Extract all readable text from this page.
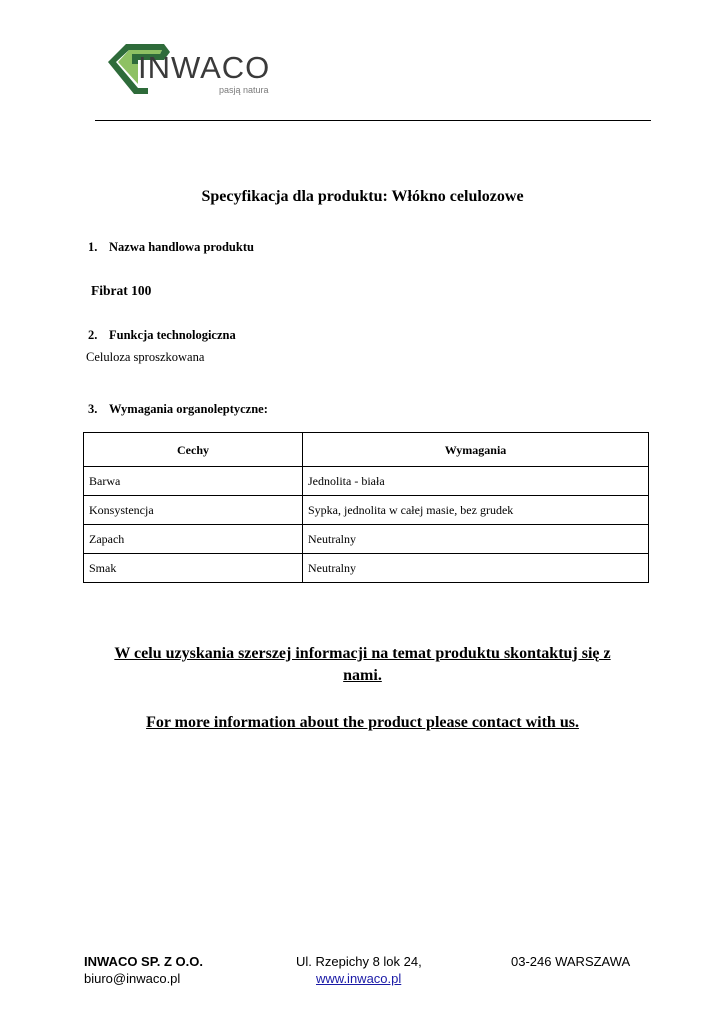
INWACO
pasją natura
Specyfikacja dla produktu: Włókno celulozowe
1. Nazwa handlowa produktu
Fibrat 100
2. Funkcja technologiczna
Celuloza sproszkowana
3. Wymagania organoleptyczne:
Cechy	Wymagania
Barwa	Jednolita - biała
Konsystencja	Sypka, jednolita w całej masie, bez grudek
Zapach	Neutralny
Smak	Neutralny
W celu uzyskania szerszej informacji na temat produktu skontaktuj się z
nami.
For more information about the product please contact with us.
INWACO SP. Z O.O.	Ul. Rzepichy 8 lok 24,	03-246 WARSZAWA
biuro@inwaco.pl	www.inwaco.pl
